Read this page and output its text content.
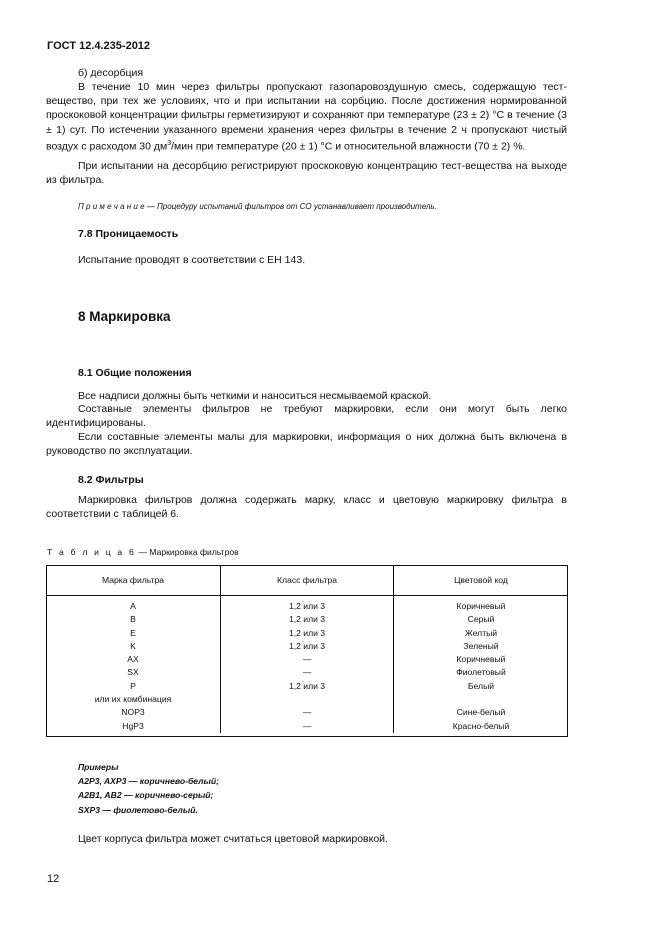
ГОСТ 12.4.235-2012
б) десорбция
В течение 10 мин через фильтры пропускают газопаровоздушную смесь, содержащую тест-вещество, при тех же условиях, что и при испытании на сорбцию. После достижения нормированной проскоковой концентрации фильтры герметизируют и сохраняют при температуре (23 ± 2) °С в течение (3 ± 1) сут. По истечении указанного времени хранения через фильтры в течение 2 ч пропускают чистый воздух с расходом 30 $дм^3$/мин при температуре (20 ± 1) °С и относительной влажности (70 ± 2) %.
При испытании на десорбцию регистрируют проскоковую концентрацию тест-вещества на выходе из фильтра.
П р и м е ч а н и е — Процедуру испытаний фильтров от СО устанавливает производитель.
7.8 Проницаемость
Испытание проводят в соответствии с ЕН 143.
8 Маркировка
8.1 Общие положения
Все надписи должны быть четкими и наноситься несмываемой краской.
Составные элементы фильтров не требуют маркировки, если они могут быть легко идентифицированы.
Если составные элементы малы для маркировки, информация о них должна быть включена в руководство по эксплуатации.
8.2 Фильтры
Маркировка фильтров должна содержать марку, класс и цветовую маркировку фильтра в соответствии с таблицей 6.
Т а б л и ц а 6 — Маркировка фильтров
Марка фильтра	Класс фильтра	Цветовой код
A	1,2 или 3	Коричневый
B	1,2 или 3	Серый
E	1,2 или 3	Желтый
K	1,2 или 3	Зеленый
AX	—	Коричневый
SX	—	Фиолетовый
P	1,2 или 3	Белый
или их комбинация		
NOP3	—	Сине-белый
HgP3	—	Красно-белый
Примеры
A2P3, AXP3 — коричнево-белый;
A2B1, AB2 — коричнево-серый;
SXP3 — фиолетово-белый.
Цвет корпуса фильтра может считаться цветовой маркировкой.
12
